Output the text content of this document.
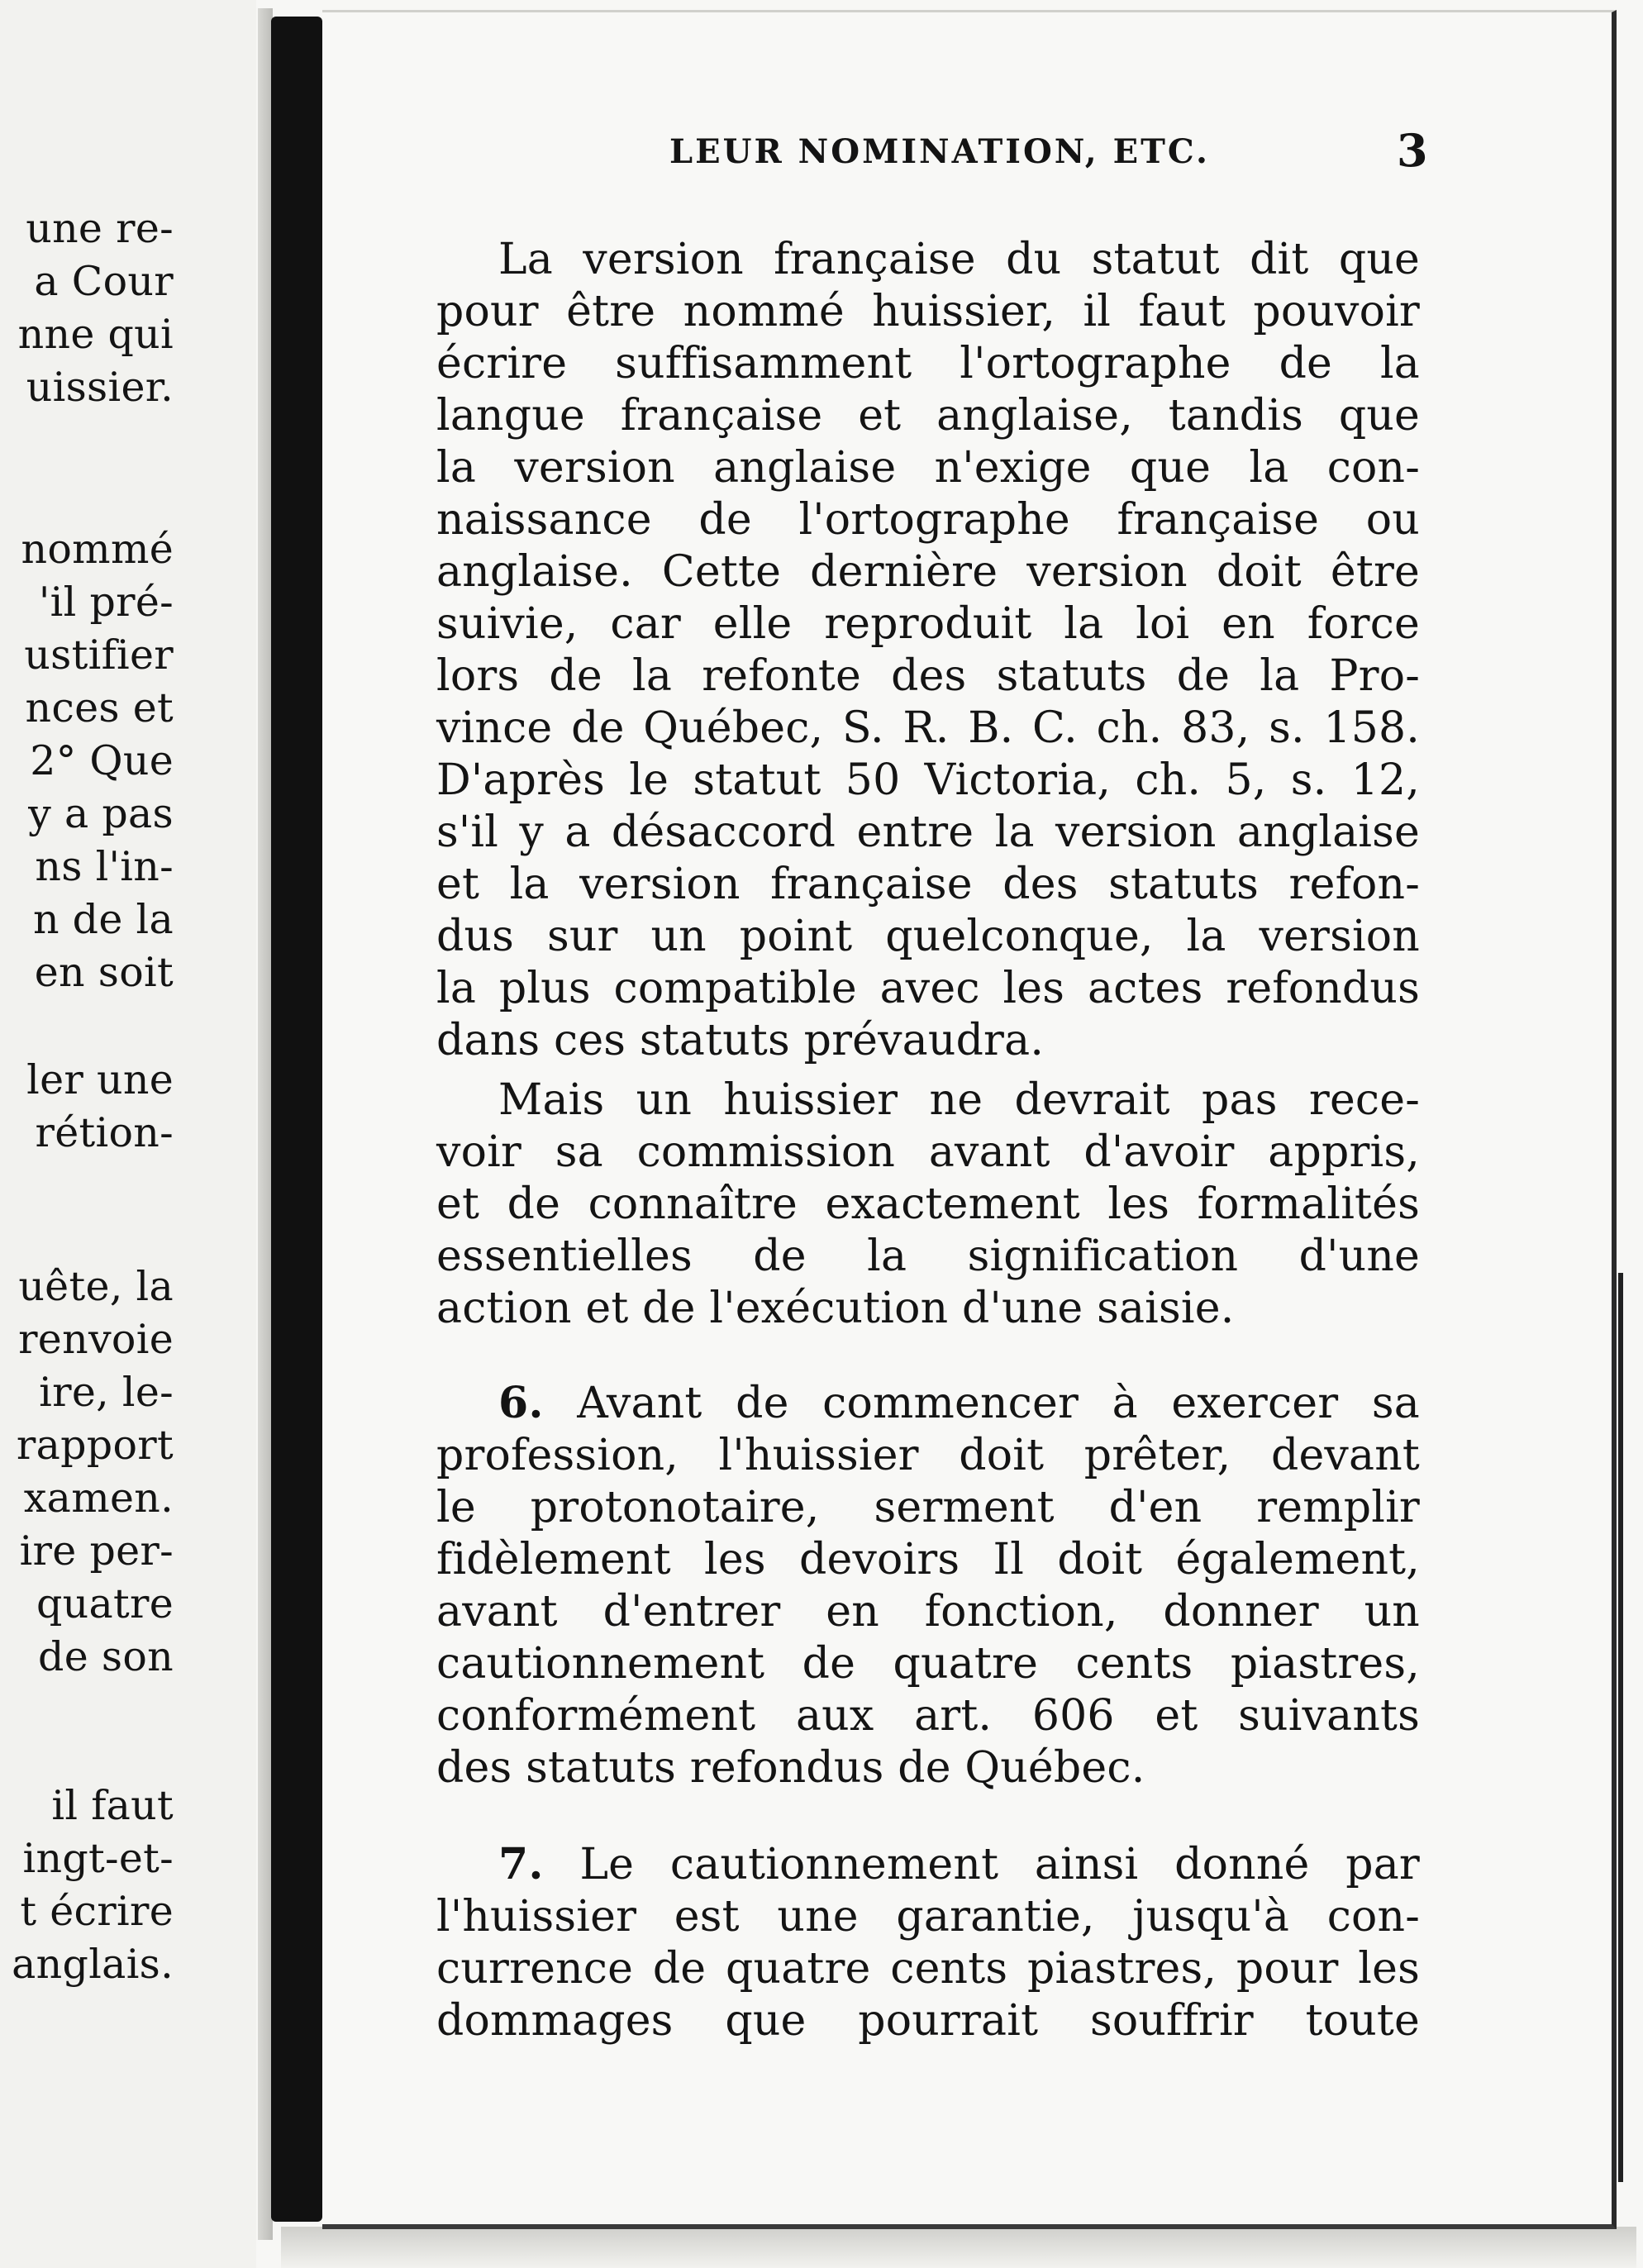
une re-
a Cour
nne qui
uissier.
nommé
'il pré-
ustifier
nces et
2° Que
y a pas
ns l'in-
n de la
en soit
ler une
rétion-
uête, la
renvoie
ire, le-
rapport
xamen.
ire per-
quatre
de son
il faut
ingt-et-
t écrire
anglais.
LEUR NOMINATION, ETC.	3
La version française du statut dit que
pour être nommé huissier, il faut pouvoir
écrire suffisamment l'ortographe de la
langue française et anglaise, tandis que
la version anglaise n'exige que la con-
naissance de l'ortographe française ou
anglaise. Cette dernière version doit être
suivie, car elle reproduit la loi en force
lors de la refonte des statuts de la Pro-
vince de Québec, S. R. B. C. ch. 83, s. 158.
D'après le statut 50 Victoria, ch. 5, s. 12,
s'il y a désaccord entre la version anglaise
et la version française des statuts refon-
dus sur un point quelconque, la version
la plus compatible avec les actes refondus
dans ces statuts prévaudra.
Mais un huissier ne devrait pas rece-
voir sa commission avant d'avoir appris,
et de connaître exactement les formalités
essentielles de la signification d'une
action et de l'exécution d'une saisie.
6. Avant de commencer à exercer sa
profession, l'huissier doit prêter, devant
le protonotaire, serment d'en remplir
fidèlement les devoirs Il doit également,
avant d'entrer en fonction, donner un
cautionnement de quatre cents piastres,
conformément aux art. 606 et suivants
des statuts refondus de Québec.
7. Le cautionnement ainsi donné par
l'huissier est une garantie, jusqu'à con-
currence de quatre cents piastres, pour les
dommages que pourrait souffrir toute
